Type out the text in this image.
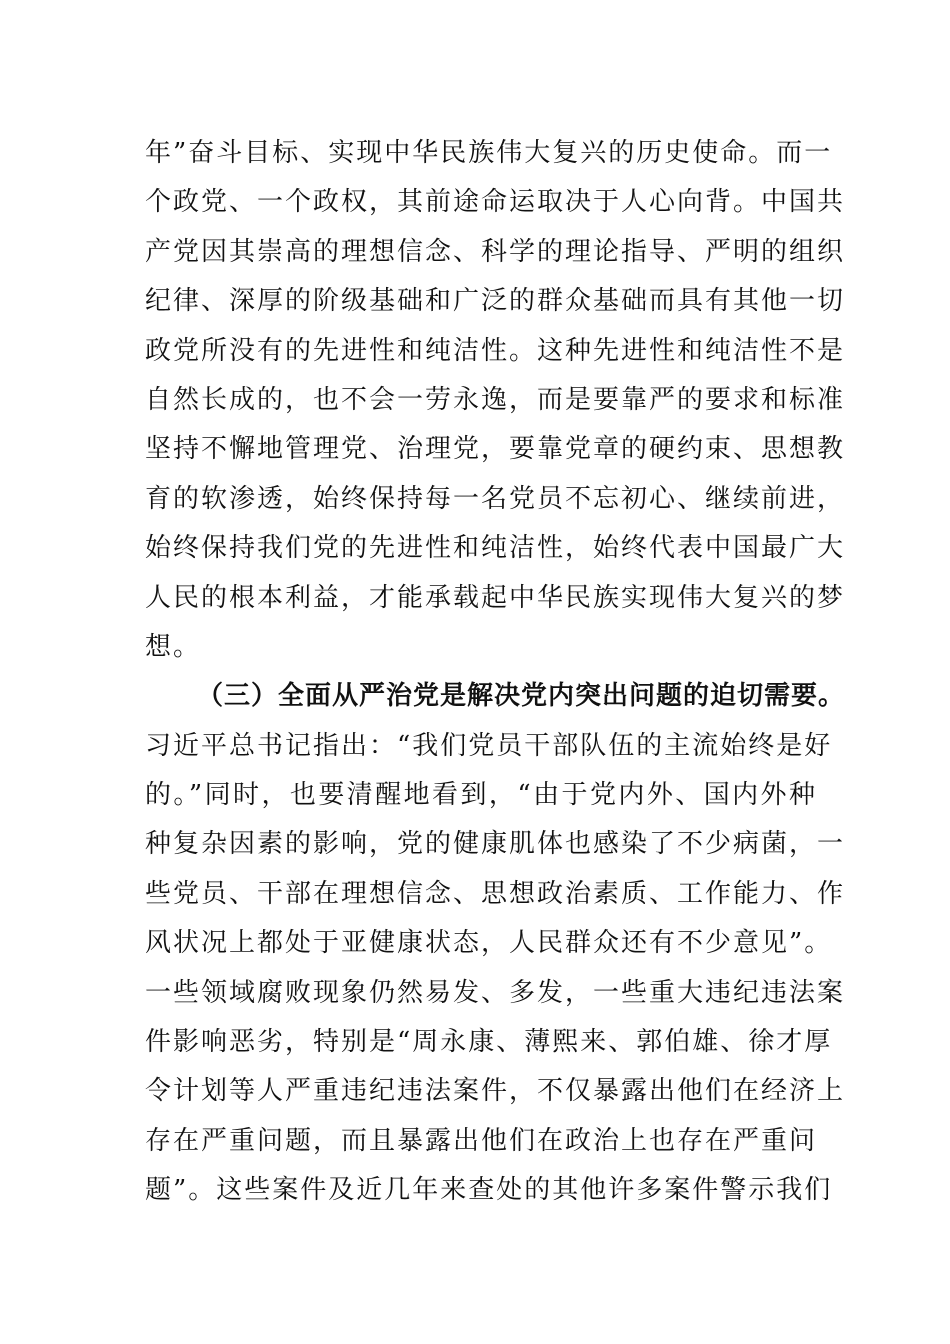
年”奋斗目标、实现中华民族伟大复兴的历史使命。而一
个政党、一个政权，其前途命运取决于人心向背。中国共
产党因其崇高的理想信念、科学的理论指导、严明的组织
纪律、深厚的阶级基础和广泛的群众基础而具有其他一切
政党所没有的先进性和纯洁性。这种先进性和纯洁性不是
自然长成的，也不会一劳永逸，而是要靠严的要求和标准
坚持不懈地管理党、治理党，要靠党章的硬约束、思想教
育的软渗透，始终保持每一名党员不忘初心、继续前进，
始终保持我们党的先进性和纯洁性，始终代表中国最广大
人民的根本利益，才能承载起中华民族实现伟大复兴的梦
想。
（三）全面从严治党是解决党内突出问题的迫切需要。
习近平总书记指出：“我们党员干部队伍的主流始终是好
的。”同时，也要清醒地看到，“由于党内外、国内外种
种复杂因素的影响，党的健康肌体也感染了不少病菌，一
些党员、干部在理想信念、思想政治素质、工作能力、作
风状况上都处于亚健康状态，人民群众还有不少意见”。
一些领域腐败现象仍然易发、多发，一些重大违纪违法案
件影响恶劣，特别是“周永康、薄熙来、郭伯雄、徐才厚
令计划等人严重违纪违法案件，不仅暴露出他们在经济上
存在严重问题，而且暴露出他们在政治上也存在严重问
题”。这些案件及近几年来查处的其他许多案件警示我们
